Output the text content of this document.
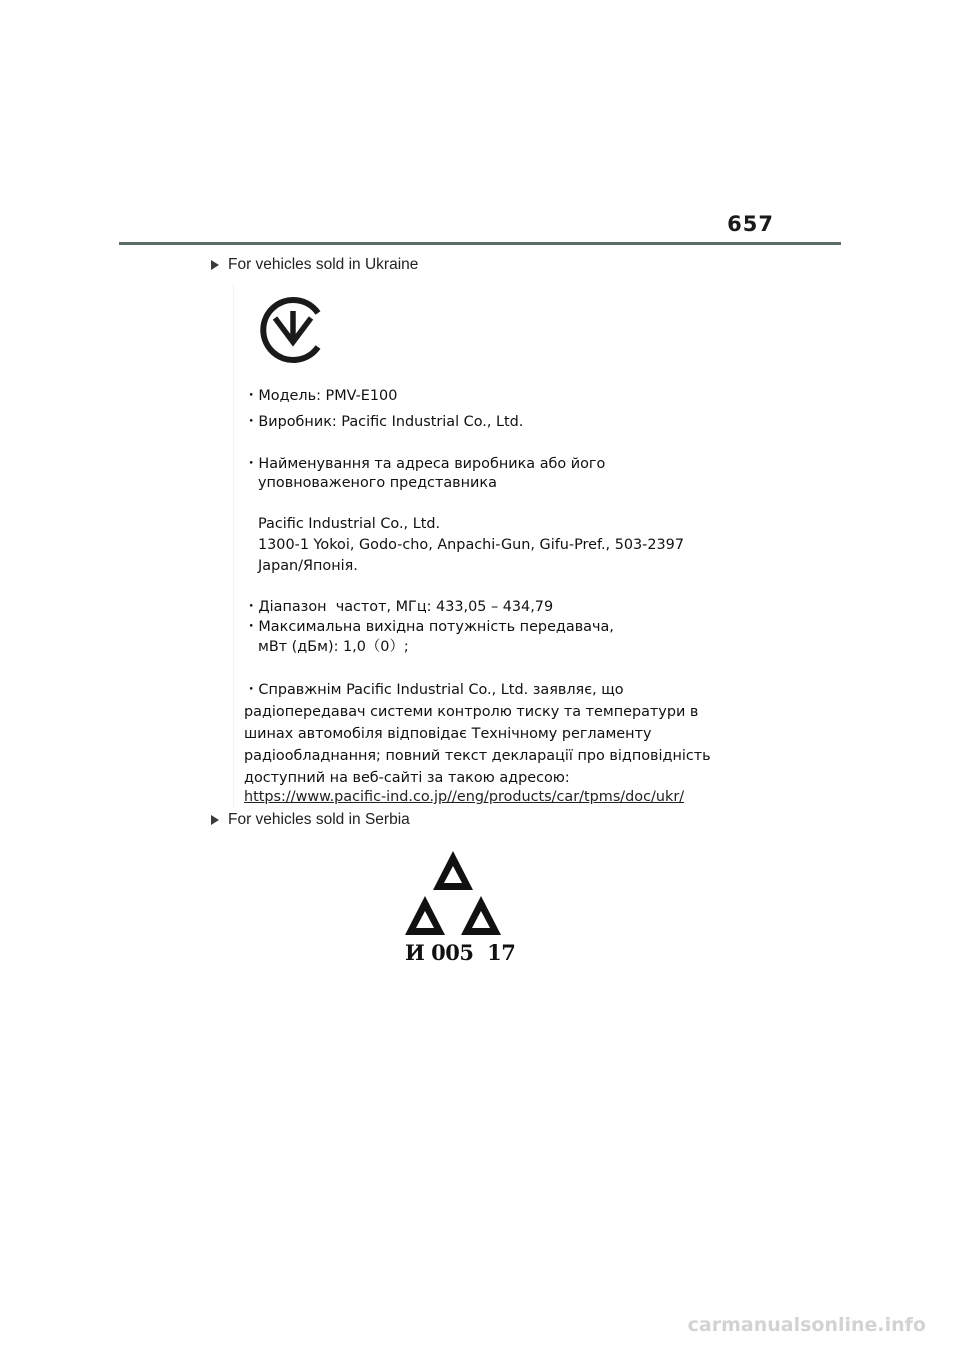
657
For vehicles sold in Ukraine
・Модель: PMV-E100
・Виробник: Pacific Industrial Co., Ltd.
・Найменування та адреса виробника або його
уповноваженого представника
Pacific Industrial Co., Ltd.
1300-1 Yokoi, Godo-cho, Anpachi-Gun, Gifu-Pref., 503-2397
Japan/Японія.
・Діапазон  частот, МГц: 433,05 – 434,79
・Максимальна вихідна потужність передавача,
мВт (дБм): 1,0（0）;
・Справжнім Pacific Industrial Co., Ltd. заявляє, що
радіопередавач системи контролю тиску та температури в
шинах автомобіля відповідає Технічному регламенту
радіообладнання; повний текст декларації про відповідність
доступний на веб-сайті за такою адресою:
https://www.pacific-ind.co.jp//eng/products/car/tpms/doc/ukr/
For vehicles sold in Serbia
И 005  17
carmanualsonline.info
